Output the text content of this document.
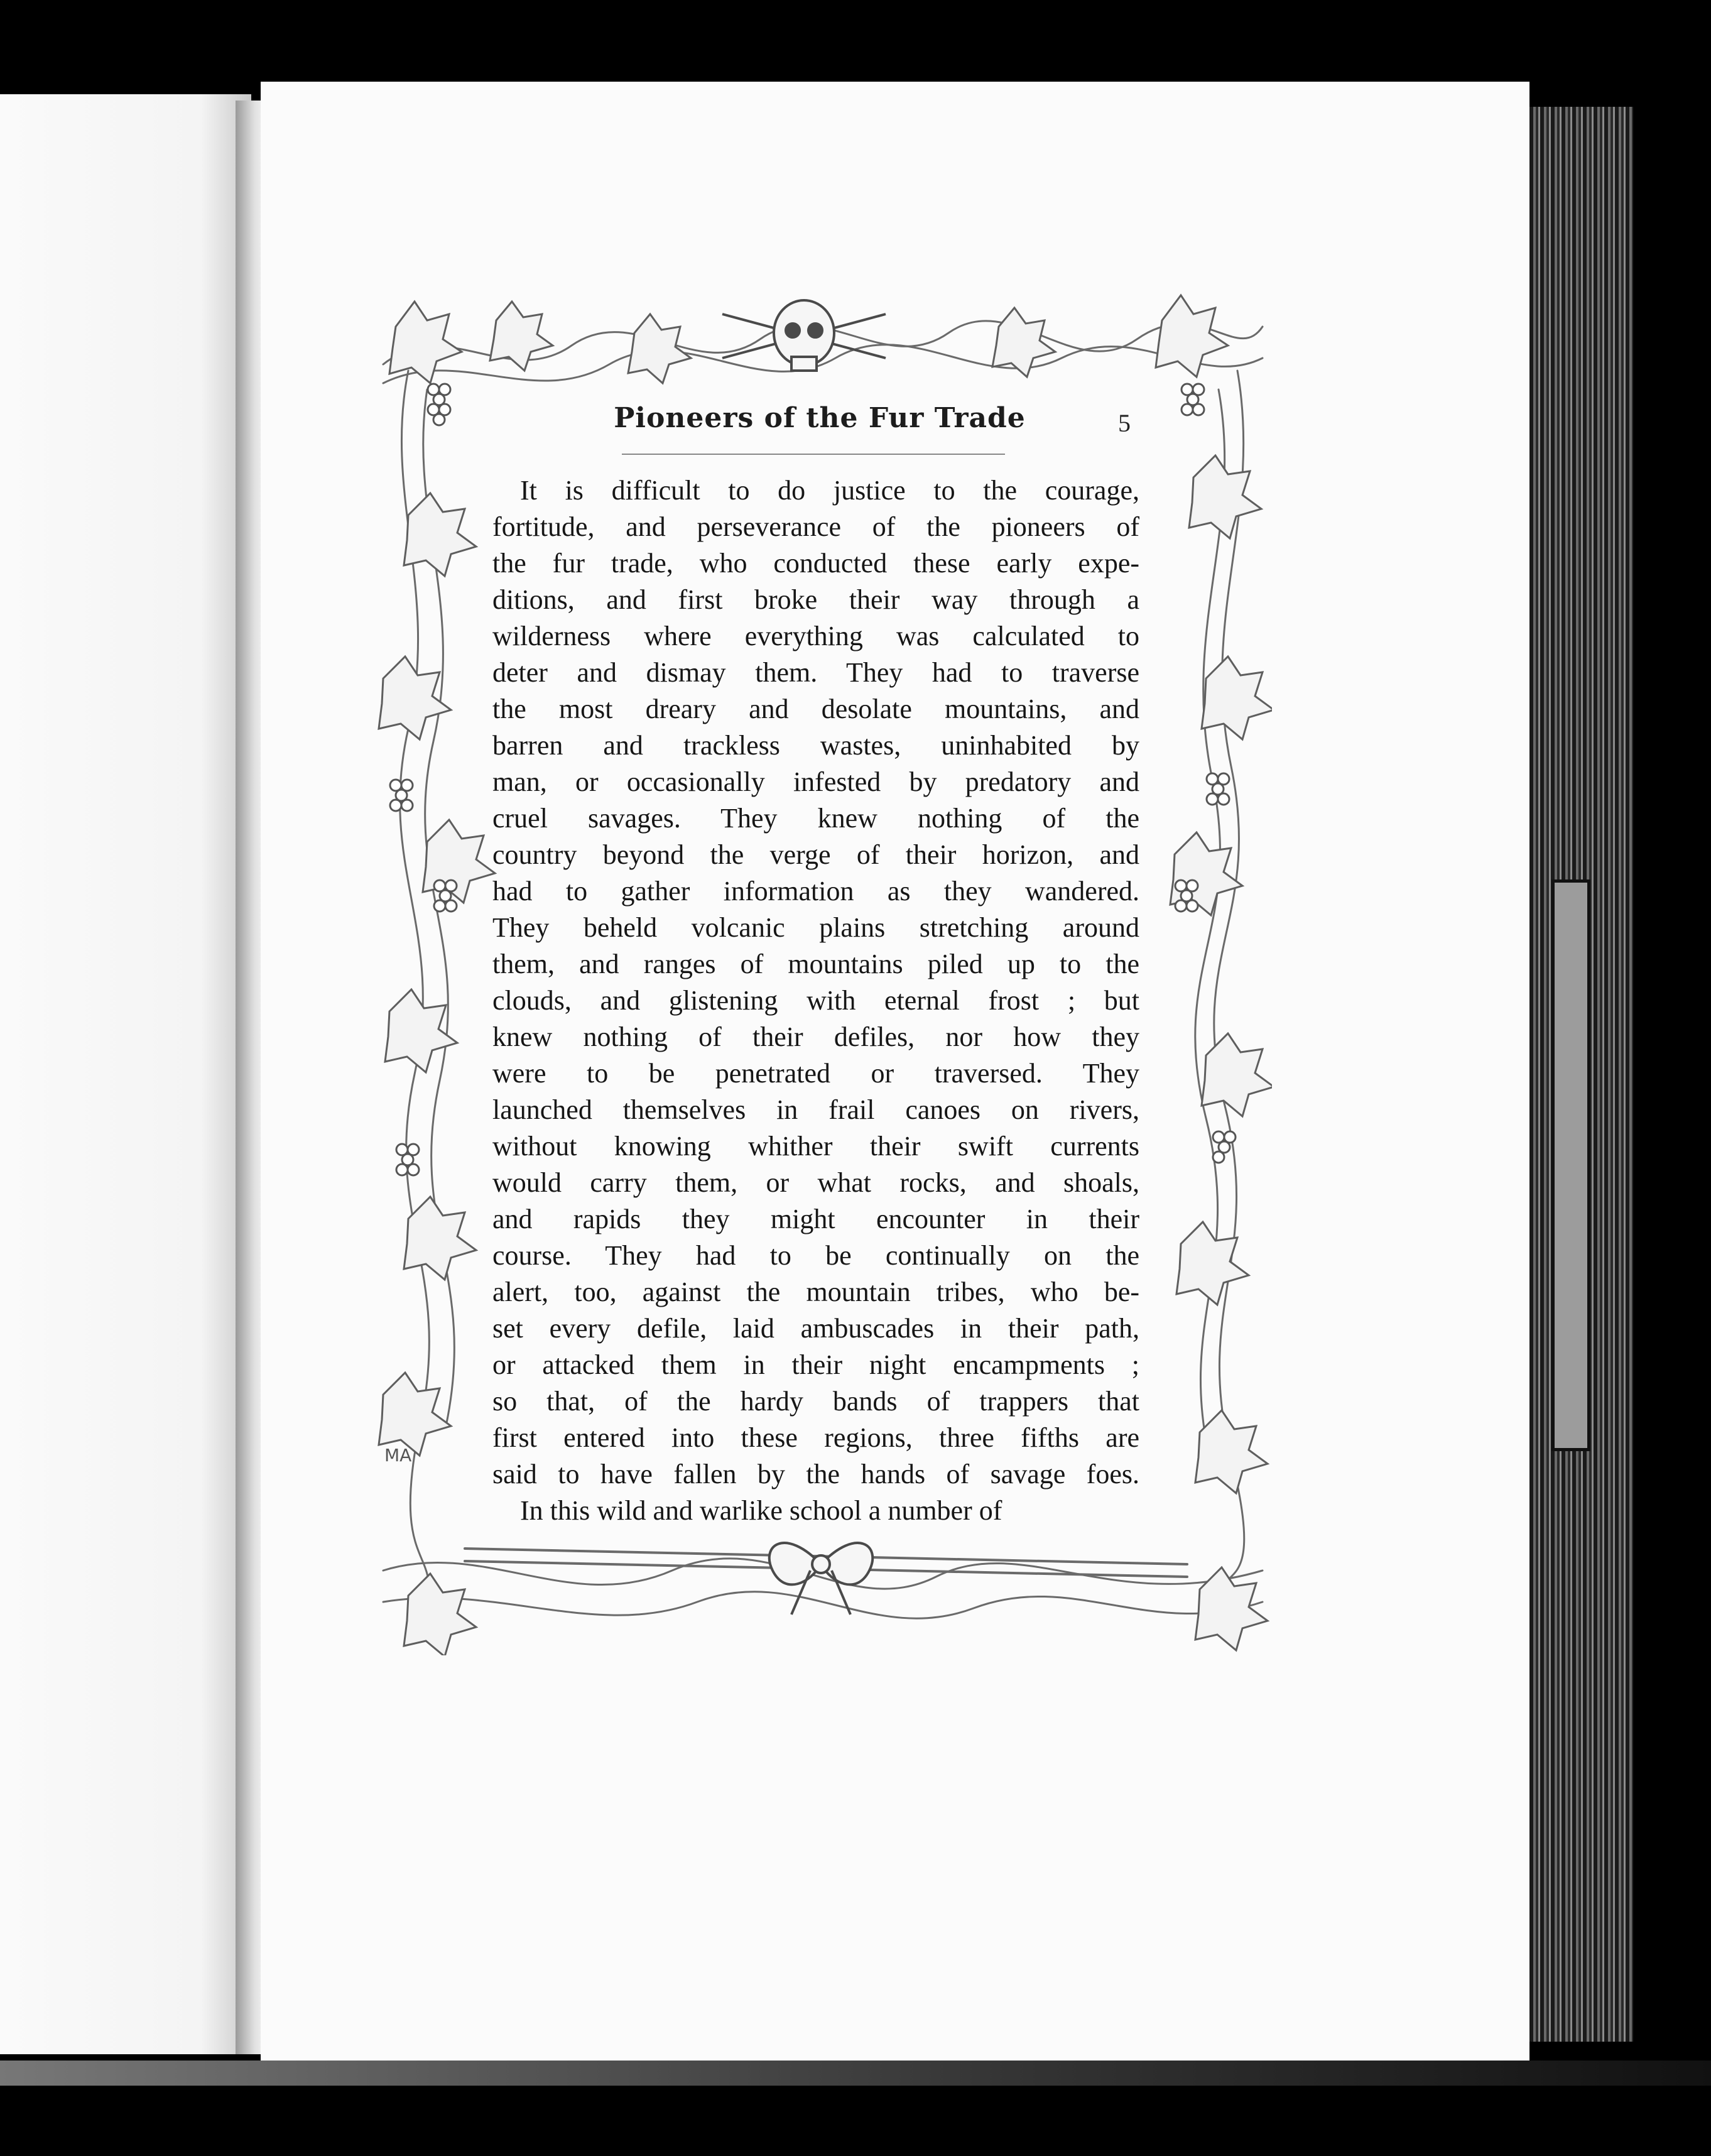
Pioneers of the Fur Trade	5
It is difficult to do justice to the courage,
fortitude, and perseverance of the pioneers of
the fur trade, who conducted these early expe-
ditions, and first broke their way through a
wilderness where everything was calculated to
deter and dismay them. They had to traverse
the most dreary and desolate mountains, and
barren and trackless wastes, uninhabited by
man, or occasionally infested by predatory and
cruel savages. They knew nothing of the
country beyond the verge of their horizon, and
had to gather information as they wandered.
They beheld volcanic plains stretching around
them, and ranges of mountains piled up to the
clouds, and glistening with eternal frost ; but
knew nothing of their defiles, nor how they
were to be penetrated or traversed. They
launched themselves in frail canoes on rivers,
without knowing whither their swift currents
would carry them, or what rocks, and shoals,
and rapids they might encounter in their
course. They had to be continually on the
alert, too, against the mountain tribes, who be-
set every defile, laid ambuscades in their path,
or attacked them in their night encampments ;
so that, of the hardy bands of trappers that
first entered into these regions, three fifths are
said to have fallen by the hands of savage foes.
In this wild and warlike school a number of
MA
